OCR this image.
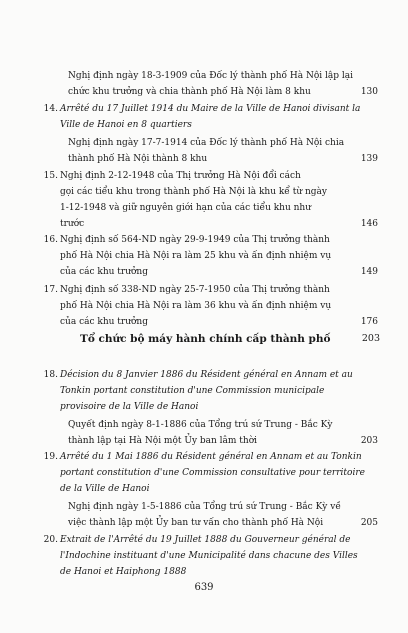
Nghị định ngày 18-3-1909 của Đốc lý thành phố Hà Nội lập lại
chức khu trưởng và chia thành phố Hà Nội làm 8 khu	130
14. Arrêté du 17 Juillet 1914 du Maire de la Ville de Hanoi divisant la Ville de Hanoi en 8 quartiers
Nghị định ngày 17-7-1914 của Đốc lý thành phố Hà Nội chia
thành phố Hà Nội thành 8 khu	139
15. Nghị định 2-12-1948 của Thị trưởng Hà Nội đổi cách
gọi các tiểu khu trong thành phố Hà Nội là khu kể từ ngày
1-12-1948 và giữ nguyên giới hạn của các tiểu khu như
trước	146
16. Nghị định số 564-ND ngày 29-9-1949 của Thị trưởng thành
phố Hà Nội chia Hà Nội ra làm 25 khu và ấn định nhiệm vụ
của các khu trưởng	149
17. Nghị định số 338-ND ngày 25-7-1950 của Thị trưởng thành
phố Hà Nội chia Hà Nội ra làm 36 khu và ấn định nhiệm vụ
của các khu trưởng	176
Tổ chức bộ máy hành chính cấp thành phố	203
18. Décision du 8 Janvier 1886 du Résident général en Annam et au Tonkin portant constitution d'une Commission municipale provisoire de la Ville de Hanoi
Quyết định ngày 8-1-1886 của Tổng trú sứ Trung - Bắc Kỳ
thành lập tại Hà Nội một Ủy ban lâm thời	203
19. Arrêté du 1 Mai 1886 du Résident général en Annam et au Tonkin portant constitution d'une Commission consultative pour territoire de la Ville de Hanoi
Nghị định ngày 1-5-1886 của Tổng trú sứ Trung - Bắc Kỳ về
việc thành lập một Ủy ban tư vấn cho thành phố Hà Nội	205
20. Extrait de l'Arrêté du 19 Juillet 1888 du Gouverneur général de l'Indochine instituant d'une Municipalité dans chacune des Villes de Hanoi et Haiphong 1888
639
